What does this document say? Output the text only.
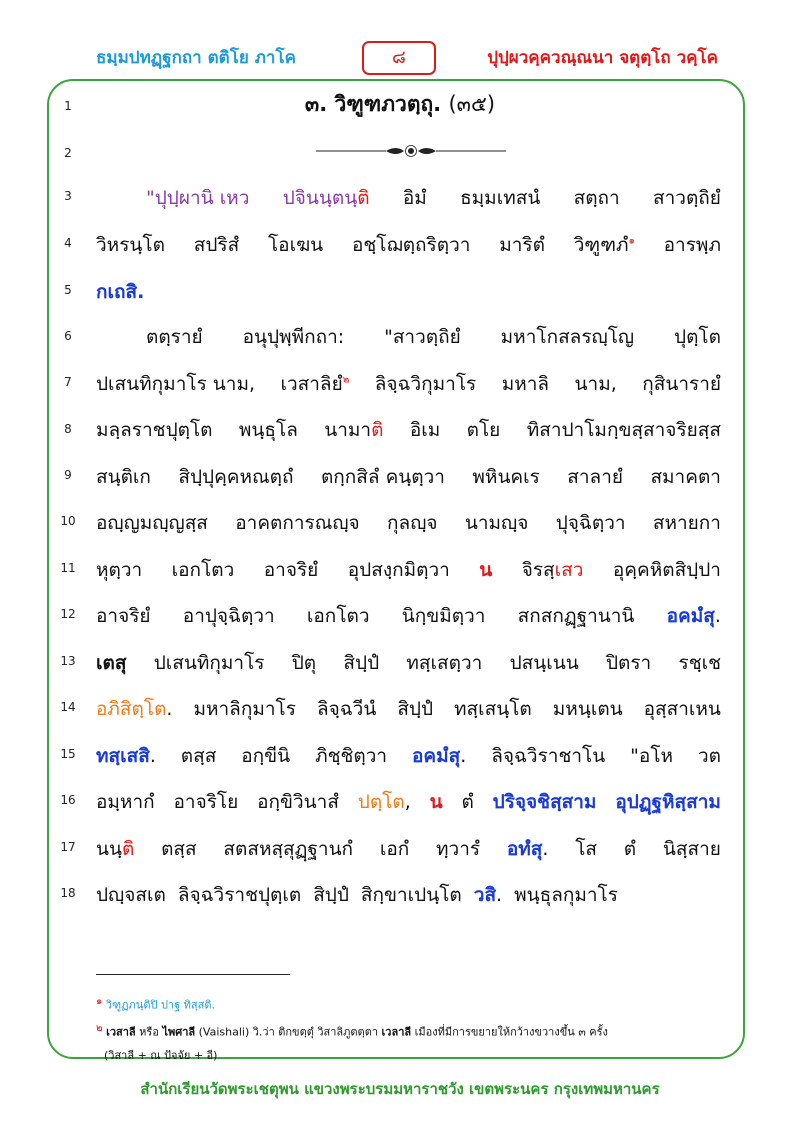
ธมฺมปทฏฺฐกถา ตติโย ภาโค	๘	ปุปฺผวคฺควณฺณนา จตุตฺโถ วคฺโค
1
2
3
4
5
6
7
8
9
10
11
12
13
14
15
16
17
18
๓. วิฑูฑภวตฺถุ. (๓๕)
"ปุปฺผานิ เหว ปจินนฺตนฺติ อิมํ ธมฺมเทสนํ สตฺถา สาวตฺถิยํ
วิหรนฺโต สปริสํ โอเฆน อชฺโฌตฺถริตฺวา มาริตํ วิฑูฑภํ$^๑$ อารพฺภ
กเถสิ.
ตตฺรายํ อนุปุพฺพีกถา: "สาวตฺถิยํ มหาโกสลรญฺโญ ปุตฺโต
ปเสนทิกุมาโร นาม, เวสาลิยํ$^๒$ ลิจฺฉวิกุมาโร มหาลิ นาม, กุสินารายํ
มลฺลราชปุตฺโต พนฺธุโล นามาติ อิเม ตโย ทิสาปาโมกฺขสฺสาจริยสฺส
สนฺติเก สิปฺปุคฺคหณตฺถํ ตกฺกสิลํ คนฺตฺวา พหินคเร สาลายํ สมาคตา
อญฺญมญฺญสฺส อาคตการณญฺจ กุลญฺจ นามญฺจ ปุจฺฉิตฺวา สหายกา
หุตฺวา เอกโตว อาจริยํ อุปสงฺกมิตฺวา น จิรสฺเสว อุคฺคหิตสิปฺปา
อาจริยํ อาปุจฺฉิตฺวา เอกโตว นิกฺขมิตฺวา สกสกฏฺฐานานิ อคมํสุ.
เตสุ ปเสนทิกุมาโร ปิตุ สิปฺปํ ทสฺเสตฺวา ปสนฺเนน ปิตรา รชฺเช
อภิสิตฺโต. มหาลิกุมาโร ลิจฺฉวีนํ สิปฺปํ ทสฺเสนฺโต มหนฺเตน อุสฺสาเหน
ทสฺเสสิ. ตสฺส อกฺขีนิ ภิชฺชิตฺวา อคมํสุ. ลิจฺฉวิราชาโน "อโห วต
อมฺหากํ อาจริโย อกฺขิวินาสํ ปตฺโต, น ตํ ปริจฺจชิสฺสาม อุปฏฺฐหิสฺสาม
นนฺติ ตสฺส สตสหสฺสุฏฺฐานกํ เอกํ ทฺวารํ อทํสุ. โส ตํ นิสฺสาย
ปญฺจสเต ลิจฺฉวิราชปุตฺเต สิปฺปํ สิกฺขาเปนฺโต วสิ. พนฺธุลกุมาโร
$^๑$ วิฑูฏภนฺติปิ ปาฐ ทิสฺสติ.
$^๒$ เวสาลี หรือ ไพศาลี (Vaishali) วิ.ว่า ติกขตฺตุํ วิสาลิภูตตฺตา เวลาลี เมืองที่มีการขยายให้กว้างขวางขึ้น ๓ ครั้ง
(วิสาลี + ณ ปัจจัย + อี)
สำนักเรียนวัดพระเชตุพน แขวงพระบรมมหาราชวัง เขตพระนคร กรุงเทพมหานคร
